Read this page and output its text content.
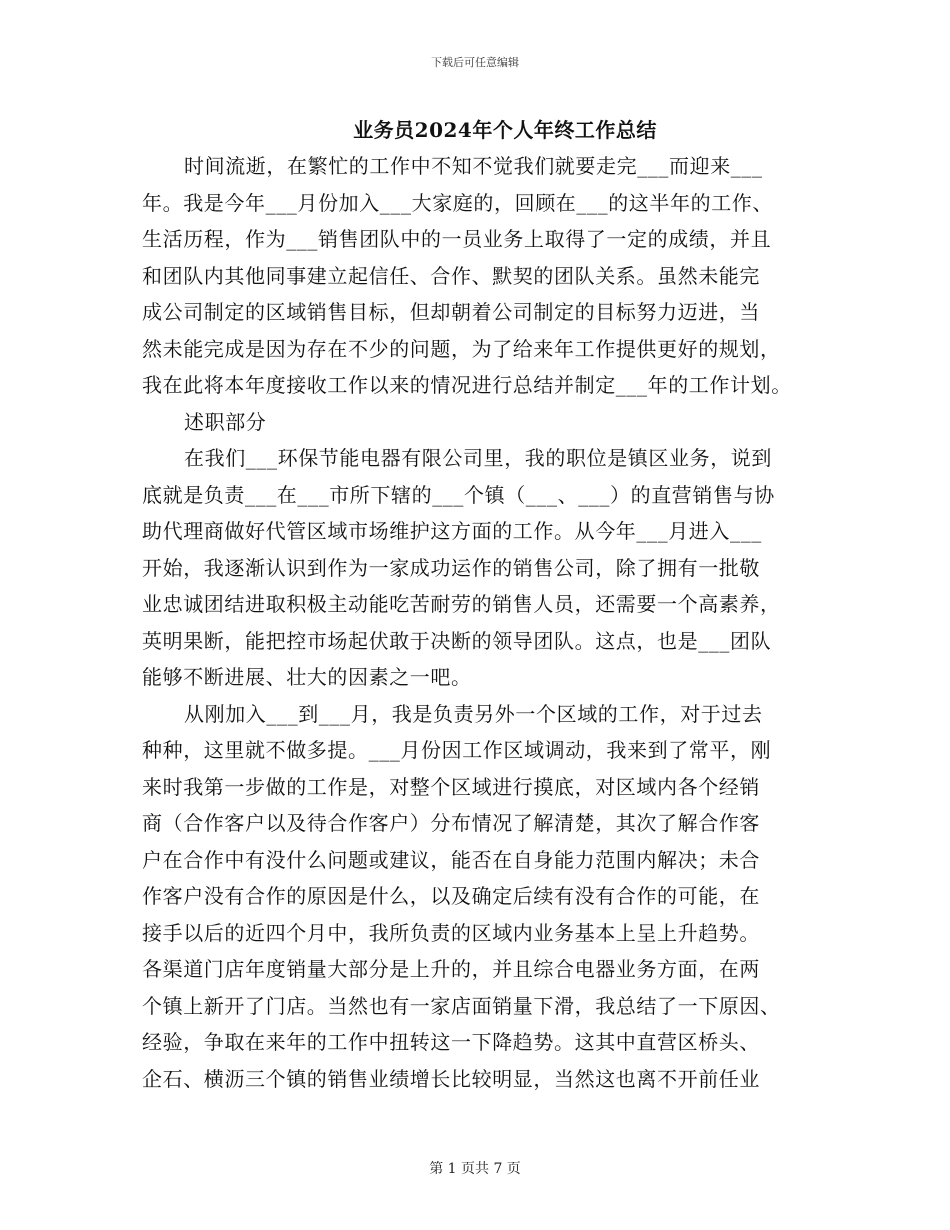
下载后可任意编辑
业务员2024年个人年终工作总结
时间流逝，在繁忙的工作中不知不觉我们就要走完___而迎来___
年。我是今年___月份加入___大家庭的，回顾在___的这半年的工作、
生活历程，作为___销售团队中的一员业务上取得了一定的成绩，并且
和团队内其他同事建立起信任、合作、默契的团队关系。虽然未能完
成公司制定的区域销售目标，但却朝着公司制定的目标努力迈进，当
然未能完成是因为存在不少的问题，为了给来年工作提供更好的规划，
我在此将本年度接收工作以来的情况进行总结并制定___年的工作计划。
述职部分
在我们___环保节能电器有限公司里，我的职位是镇区业务，说到
底就是负责___在___市所下辖的___个镇（___、___）的直营销售与协
助代理商做好代管区域市场维护这方面的工作。从今年___月进入___
开始，我逐渐认识到作为一家成功运作的销售公司，除了拥有一批敬
业忠诚团结进取积极主动能吃苦耐劳的销售人员，还需要一个高素养，
英明果断，能把控市场起伏敢于决断的领导团队。这点，也是___团队
能够不断进展、壮大的因素之一吧。
从刚加入___到___月，我是负责另外一个区域的工作，对于过去
种种，这里就不做多提。___月份因工作区域调动，我来到了常平，刚
来时我第一步做的工作是，对整个区域进行摸底，对区域内各个经销
商（合作客户以及待合作客户）分布情况了解清楚，其次了解合作客
户在合作中有没什么问题或建议，能否在自身能力范围内解决；未合
作客户没有合作的原因是什么，以及确定后续有没有合作的可能，在
接手以后的近四个月中，我所负责的区域内业务基本上呈上升趋势。
各渠道门店年度销量大部分是上升的，并且综合电器业务方面，在两
个镇上新开了门店。当然也有一家店面销量下滑，我总结了一下原因、
经验，争取在来年的工作中扭转这一下降趋势。这其中直营区桥头、
企石、横沥三个镇的销售业绩增长比较明显，当然这也离不开前任业
第 1 页共 7 页
